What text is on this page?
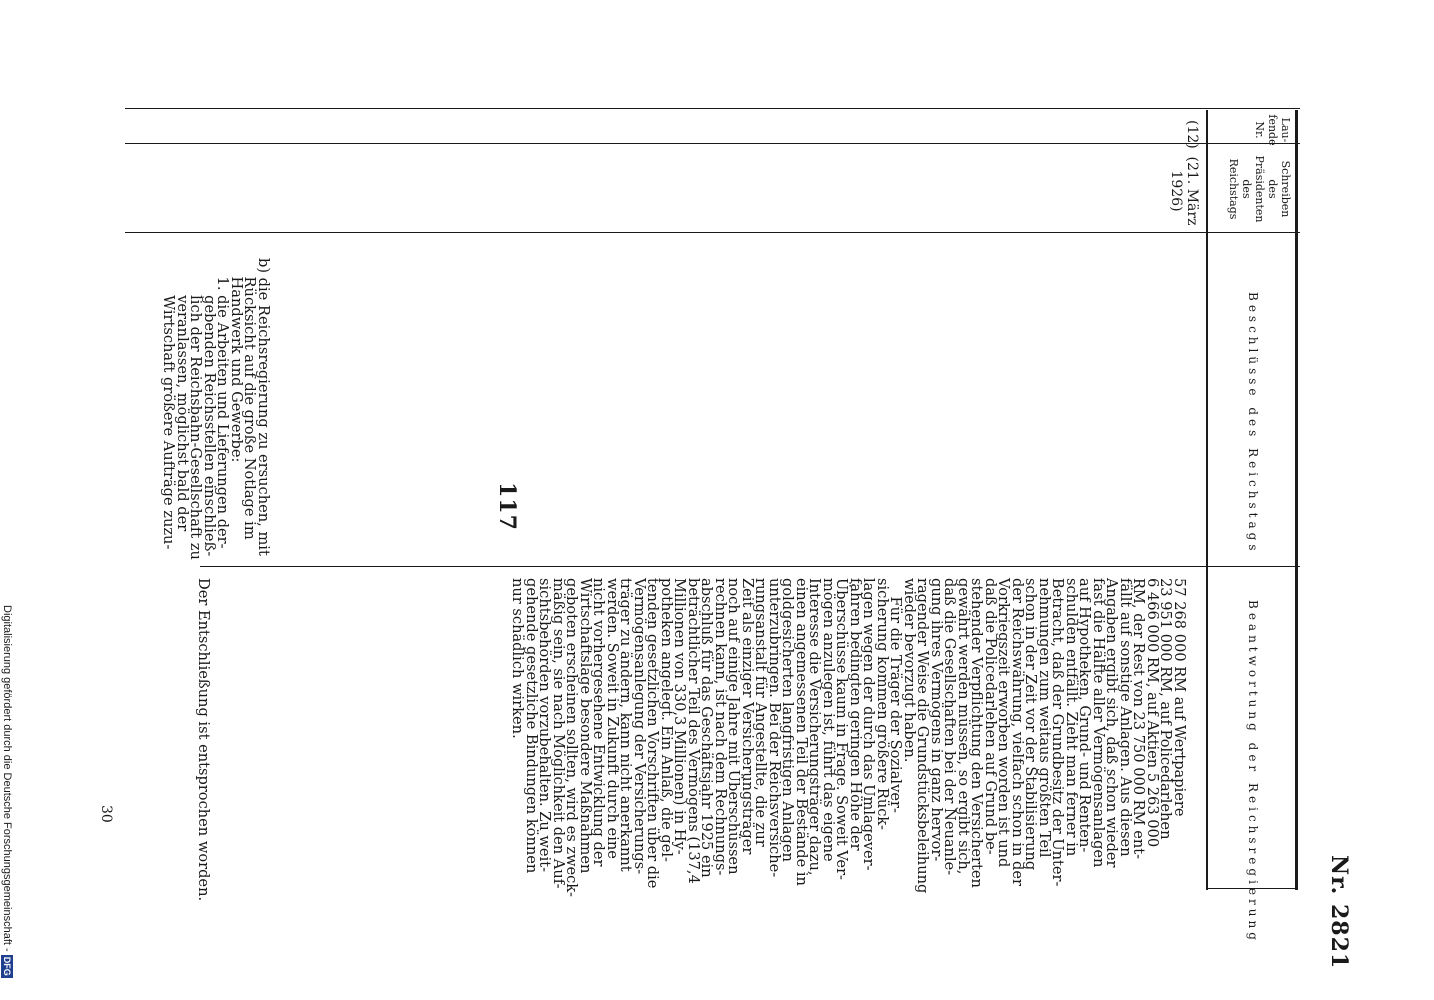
117
Nr. 2821
Lau-
fende
Nr.
Schreiben
des
Präsidenten
des
Reichstags
Beschlüsse des Reichstags
Beantwortung der Reichsregierung
(12)
(21. März
1926)
b) die Reichsregierung zu ersuchen, mit
Rücksicht auf die große Notlage im
Handwerk und Gewerbe:
1. die Arbeiten und Lieferungen der-
gebenden Reichsstellen einschließ-
lich der Reichsbahn-Gesellschaft zu
veranlassen, möglichst bald der
Wirtschaft größere Aufträge zuzu-
57 268 000 RM auf Wertpapiere
23 951 000 RM, auf Policedarlehen
6 466 000 RM, auf Aktien 5 263 000
RM, der Rest von 23 750 000 RM ent-
fällt auf sonstige Anlagen. Aus diesen
Angaben ergibt sich, daß schon wieder
fast die Hälfte aller Vermögensanlagen
auf Hypotheken, Grund- und Renten-
schulden entfällt. Zieht man ferner in
Betracht, daß der Grundbesitz der Unter-
nehmungen zum weitaus größten Teil
schon in der Zeit vor der Stabilisierung
der Reichswährung, vielfach schon in der
Vorkriegszeit erworben worden ist und
daß die Policedarlehen auf Grund be-
stehender Verpflichtung den Versicherten
gewährt werden müssen, so ergibt sich,
daß die Gesellschaften bei der Neuanle-
gung ihres Vermögens in ganz hervor-
ragender Weise die Grundstücksbeleihung
wieder bevorzugt haben.
Für die Träger der Sozialver-
sicherung kommen größere Rück-
lagen wegen der durch das Umlagever-
fahren bedingten geringen Höhe der
Überschüsse kaum in Frage. Soweit Ver-
mögen anzulegen ist, führt das eigene
Interesse die Versicherungsträger dazu,
einen angemessenen Teil der Bestände in
goldgesicherten langfristigen Anlagen
unterzubringen. Bei der Reichsversiche-
rungsanstalt für Angestellte, die zur
Zeit als einziger Versicherungsträger
noch auf einige Jahre mit Überschüssen
rechnen kann, ist nach dem Rechnungs-
abschluß für das Geschäftsjahr 1925 ein
beträchtlicher Teil des Vermögens (137,4
Millionen von 330,3 Millionen) in Hy-
potheken angelegt. Ein Anlaß, die gel-
tenden gesetzlichen Vorschriften über die
Vermögensanlegung der Versicherungs-
träger zu ändern, kann nicht anerkannt
werden. Soweit in Zukunft durch eine
nicht vorhergesehene Entwicklung der
Wirtschaftslage besondere Maßnahmen
geboten erscheinen sollten, wird es zweck-
mäßig sein, sie nach Möglichkeit den Auf-
sichtsbehörden vorzubehalten. Zu weit-
gehende gesetzliche Bindungen können
nur schädlich wirken.
Der Entschließung ist entsprochen worden.
30
Digitalisierung gefördert durch die Deutsche Forschungsgemeinschaft - DFG
